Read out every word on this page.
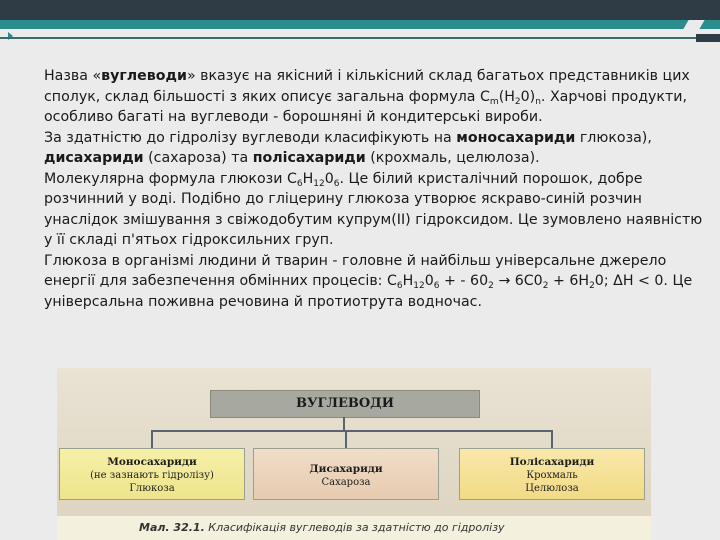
Назва «вуглеводи» вказує на якісний і кількісний склад багатьох представників цих сполук, склад більшості з яких описує загальна формула $C_m(H_20)_n$. Харчові продукти, особливо багаті на вуглеводи - борошняні й кондитерські вироби.
За здатністю до гідролізу вуглеводи класифікують на моносахариди глюкоза), дисахариди (сахароза) та полісахариди (крохмаль, целюлоза).
Молекулярна формула глюкози $C_6H_{12}0_6$. Це білий кристалічний порошок, добре розчинний у воді. Подібно до гліцерину глюкоза утворює яскраво-синій розчин унаслідок змішування з свіжодобутим купрум(II) гідроксидом. Це зумовлено наявністю у її складі п'ятьох гідроксильних груп.
Глюкоза в організмі людини й тварин - головне й найбільш універсальне джерело енергії для забезпечення обмінних процесів: $C_6H_{12}0_6$ + - $60_2 \to 6C0_2 + 6H_20$; ΔH < 0. Це універсальна поживна речовина й протиотрута водночас.
ВУГЛЕВОДИ
Моносахариди
(не зазнають гідролізу)
Глюкоза
Дисахариди
Сахароза
Полісахариди
Крохмаль
Целюлоза
Мал. 32.1. Класифікація вуглеводів за здатністю до гідролізу
